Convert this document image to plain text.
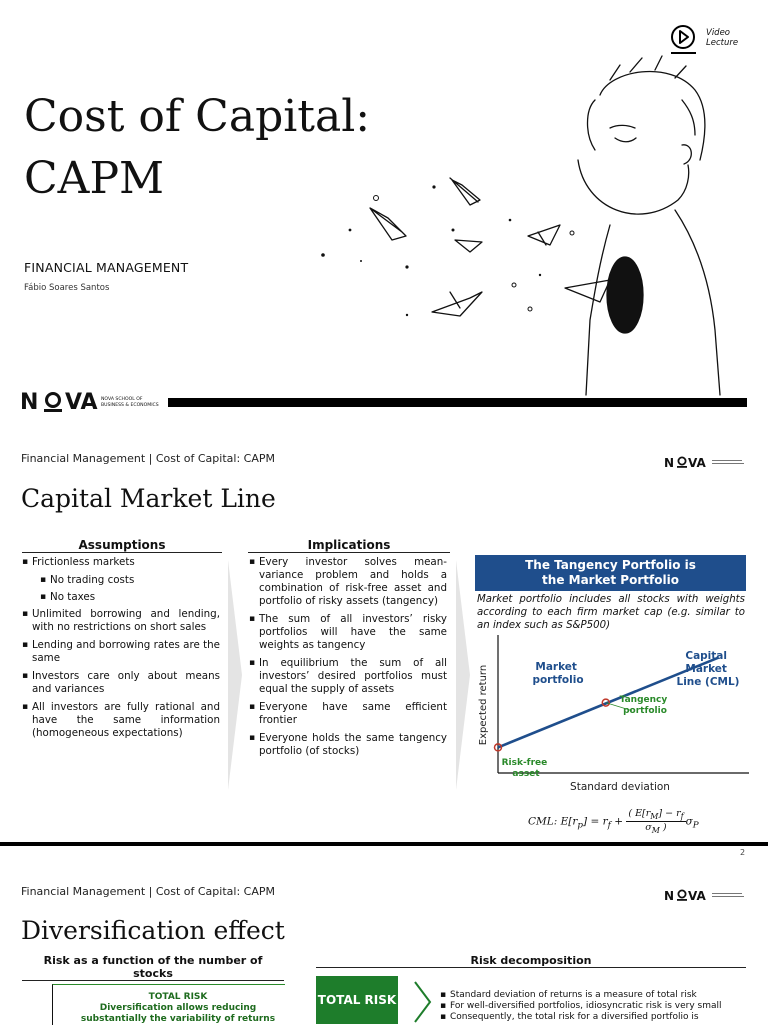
Video
Lecture
Cost of Capital:
CAPM
FINANCIAL MANAGEMENT
Fábio Soares Santos
N VA NOVA SCHOOL OF
BUSINESS & ECONOMICS
Financial Management | Cost of Capital: CAPM	N VA
Capital Market Line
Assumptions
▪ Frictionless markets
▪ No trading costs
▪ No taxes
▪ Unlimited borrowing and lending, with no restrictions on short sales
▪ Lending and borrowing rates are the same
▪ Investors care only about means and variances
▪ All investors are fully rational and have the same information (homogeneous expectations)
Implications
▪ Every investor solves mean-variance problem and holds a combination of risk-free asset and portfolio of risky assets (tangency)
▪ The sum of all investors’ risky portfolios will have the same weights as tangency
▪ In equilibrium the sum of all investors’ desired portfolios must equal the supply of assets
▪ Everyone have same efficient frontier
▪ Everyone holds the same tangency portfolio (of stocks)
The Tangency Portfolio is
the Market Portfolio
Market portfolio includes all stocks with weights according to each firm market cap (e.g. similar to an index such as S&P500)
Expected return
Standard deviation
Market portfolio
Capital Market Line (CML)
Tangency portfolio
Risk-free asset
CML: $E[r_p] = r_f + \frac{( E[r_M] - r_f}{\sigma_M )} \sigma_P$
2
Financial Management | Cost of Capital: CAPM	N VA
Diversification effect
Risk as a function of the number of stocks
Risk decomposition
TOTAL RISK
Diversification allows reducing
substantially the variability of returns
TOTAL RISK
▪	Standard deviation of returns is a measure of total risk
▪ For well-diversified portfolios, idiosyncratic risk is very small
▪ Consequently, the total risk for a diversified portfolio is
